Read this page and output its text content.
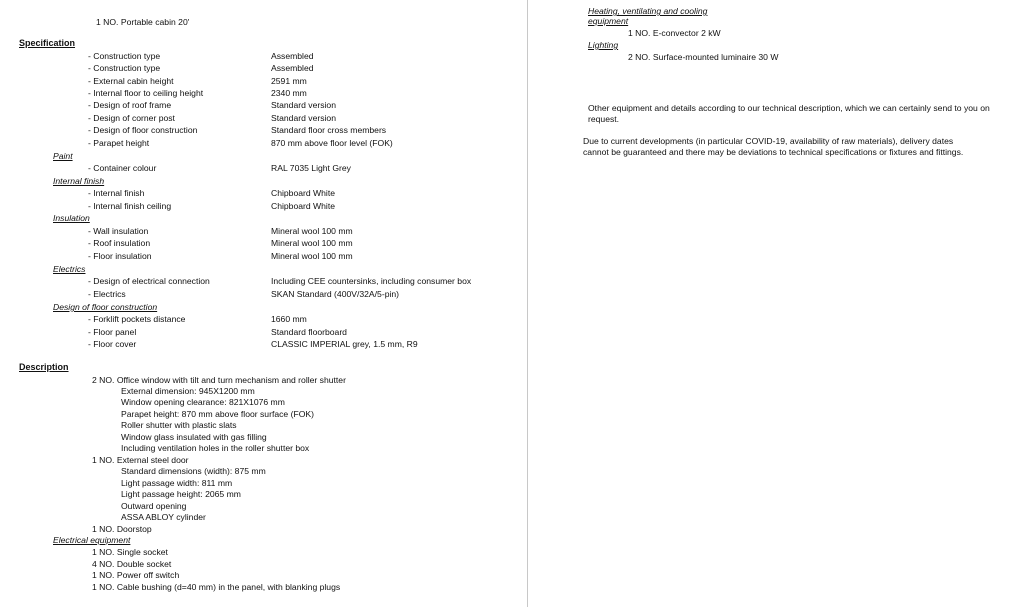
1 NO. Portable cabin 20'
Specification
- Construction type	Assembled
- Construction type	Assembled
- External cabin height	2591 mm
- Internal floor to ceiling height	2340 mm
- Design of roof frame	Standard version
- Design of corner post	Standard version
- Design of floor construction	Standard floor cross members
- Parapet height	870 mm above floor level (FOK)
Paint
- Container colour	RAL 7035 Light Grey
Internal finish
- Internal finish	Chipboard White
- Internal finish ceiling	Chipboard White
Insulation
- Wall insulation	Mineral wool 100 mm
- Roof insulation	Mineral wool 100 mm
- Floor insulation	Mineral wool 100 mm
Electrics
- Design of electrical connection	Including CEE countersinks, including consumer box
- Electrics	SKAN Standard (400V/32A/5-pin)
Design of floor construction
- Forklift pockets distance	1660 mm
- Floor panel	Standard floorboard
- Floor cover	CLASSIC IMPERIAL grey, 1.5 mm, R9
Description
2 NO. Office window with tilt and turn mechanism and roller shutter
External dimension: 945X1200 mm
Window opening clearance: 821X1076 mm
Parapet height: 870 mm above floor surface (FOK)
Roller shutter with plastic slats
Window glass insulated with gas filling
Including ventilation holes in the roller shutter box
1 NO. External steel door
Standard dimensions (width): 875 mm
Light passage width: 811 mm
Light passage height: 2065 mm
Outward opening
ASSA ABLOY cylinder
1 NO. Doorstop
Electrical equipment
1 NO. Single socket
4 NO. Double socket
1 NO. Power off switch
1 NO. Cable bushing (d=40 mm) in the panel, with blanking plugs
Heating, ventilating and cooling
equipment
1 NO. E-convector 2 kW
Lighting
2 NO. Surface-mounted luminaire 30 W
Other equipment and details according to our technical description, which we can certainly send to you on request.
Due to current developments (in particular COVID-19, availability of raw materials), delivery dates cannot be guaranteed and there may be deviations to technical specifications or fixtures and fittings.
